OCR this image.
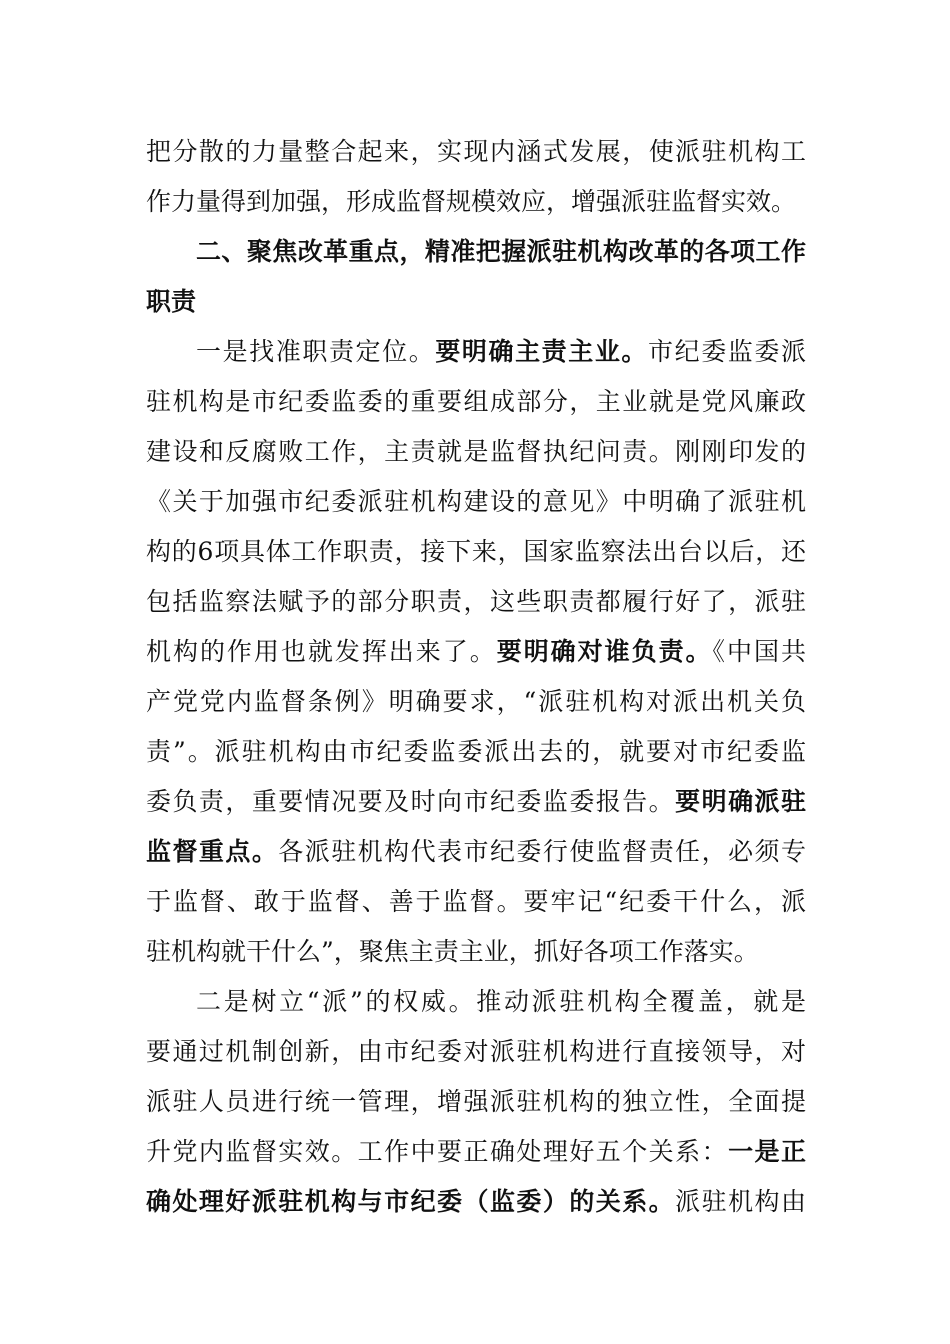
把分散的力量整合起来，实现内涵式发展，使派驻机构工
作力量得到加强，形成监督规模效应，增强派驻监督实效。
二、聚焦改革重点，精准把握派驻机构改革的各项工作
职责
一是找准职责定位。要明确主责主业。市纪委监委派
驻机构是市纪委监委的重要组成部分，主业就是党风廉政
建设和反腐败工作，主责就是监督执纪问责。刚刚印发的
《关于加强市纪委派驻机构建设的意见》中明确了派驻机
构的6项具体工作职责，接下来，国家监察法出台以后，还
包括监察法赋予的部分职责，这些职责都履行好了，派驻
机构的作用也就发挥出来了。要明确对谁负责。《中国共
产党党内监督条例》明确要求，“派驻机构对派出机关负
责”。派驻机构由市纪委监委派出去的，就要对市纪委监
委负责，重要情况要及时向市纪委监委报告。要明确派驻
监督重点。各派驻机构代表市纪委行使监督责任，必须专
于监督、敢于监督、善于监督。要牢记“纪委干什么，派
驻机构就干什么”，聚焦主责主业，抓好各项工作落实。
二是树立“派”的权威。推动派驻机构全覆盖，就是
要通过机制创新，由市纪委对派驻机构进行直接领导，对
派驻人员进行统一管理，增强派驻机构的独立性，全面提
升党内监督实效。工作中要正确处理好五个关系：一是正
确处理好派驻机构与市纪委（监委）的关系。派驻机构由
